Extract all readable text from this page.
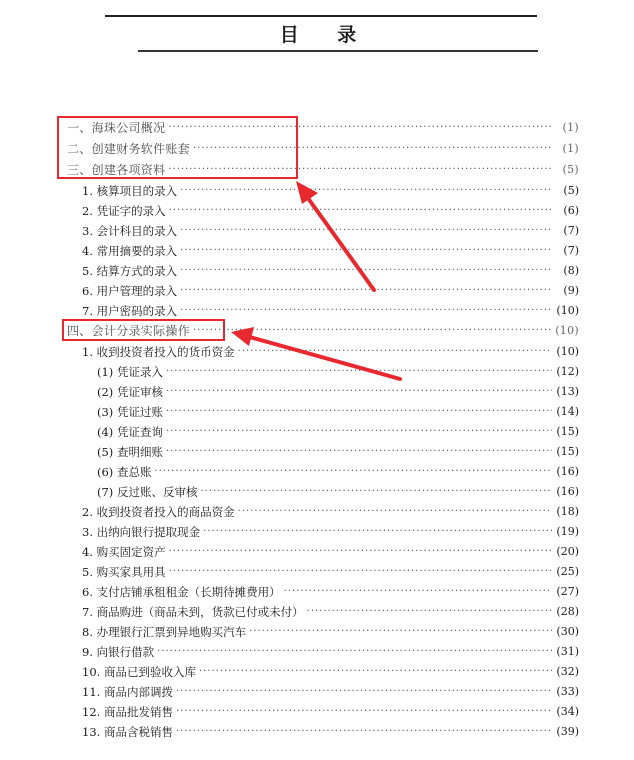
目 录
一、海珠公司概况 ·····	(1)
二、创建财务软件账套 ·····	(1)
三、创建各项资料 ·····	(5)
1. 核算项目的录入 ·····	(5)
2. 凭证字的录入 ·····	(6)
3. 会计科目的录入 ·····	(7)
4. 常用摘要的录入 ·····	(7)
5. 结算方式的录入 ·····	(8)
6. 用户管理的录入 ·····	(9)
7. 用户密码的录入 ·····	(10)
四、会计分录实际操作 ·····	(10)
1. 收到投资者投入的货币资金 ·····	(10)
(1) 凭证录入 ·····	(12)
(2) 凭证审核 ·····	(13)
(3) 凭证过账 ·····	(14)
(4) 凭证查询 ·····	(15)
(5) 查明细账 ·····	(15)
(6) 查总账 ·····	(16)
(7) 反过账、反审核 ·····	(16)
2. 收到投资者投入的商品资金 ·····	(18)
3. 出纳向银行提取现金 ·····	(19)
4. 购买固定资产 ·····	(20)
5. 购买家具用具 ·····	(25)
6. 支付店铺承租租金（长期待摊费用） ·····	(27)
7. 商品购进（商品未到，货款已付或未付） ·····	(28)
8. 办理银行汇票到异地购买汽车 ·····	(30)
9. 向银行借款 ·····	(31)
10. 商品已到验收入库 ·····	(32)
11. 商品内部调拨 ·····	(33)
12. 商品批发销售 ·····	(34)
13. 商品含税销售 ·····	(39)
